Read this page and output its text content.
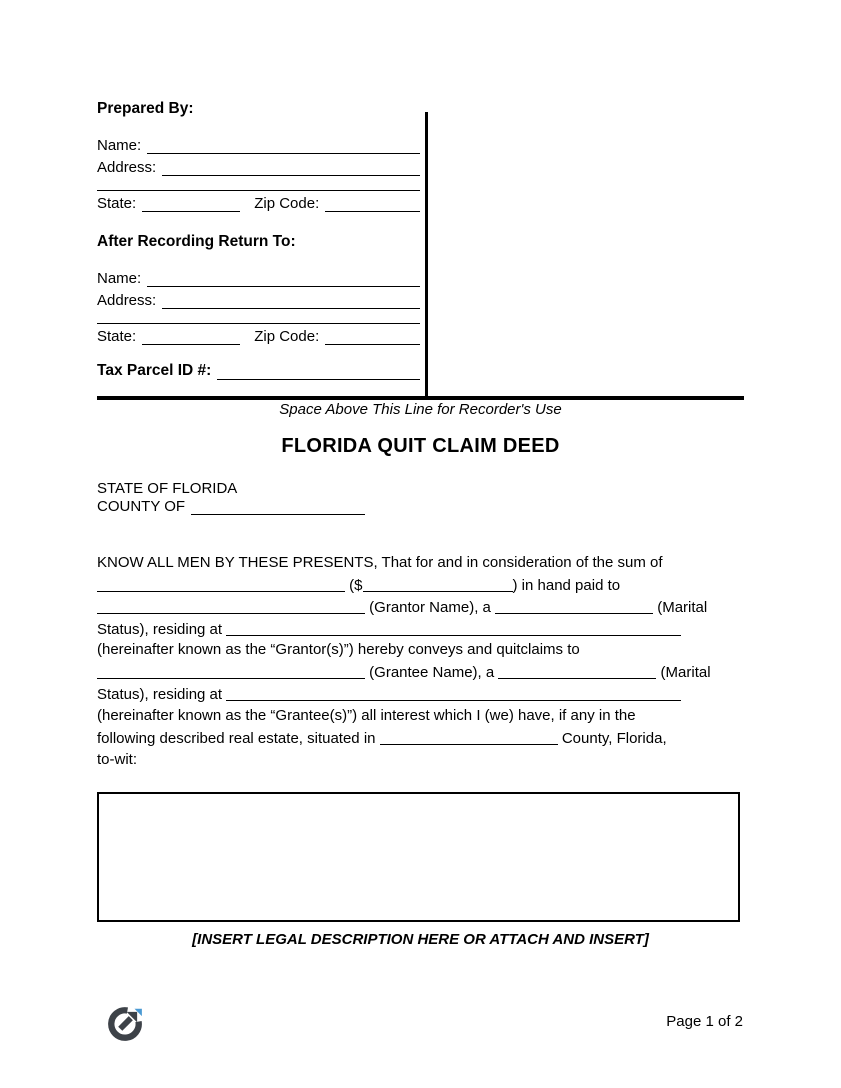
Prepared By:
Name:
Address:
State:	Zip Code:
After Recording Return To:
Name:
Address:
State:	Zip Code:
Tax Parcel ID #:
Space Above This Line for Recorder's Use
FLORIDA QUIT CLAIM DEED
STATE OF FLORIDA
COUNTY OF
KNOW ALL MEN BY THESE PRESENTS, That for and in consideration of the sum of
($	) in hand paid to
(Grantor Name), a	(Marital
Status), residing at
(hereinafter known as the “Grantor(s)”) hereby conveys and quitclaims to
(Grantee Name), a	(Marital
Status), residing at
(hereinafter known as the “Grantee(s)”) all interest which I (we) have, if any in the
following described real estate, situated in	County, Florida,
to-wit:
[INSERT LEGAL DESCRIPTION HERE OR ATTACH AND INSERT]
Page 1 of 2
